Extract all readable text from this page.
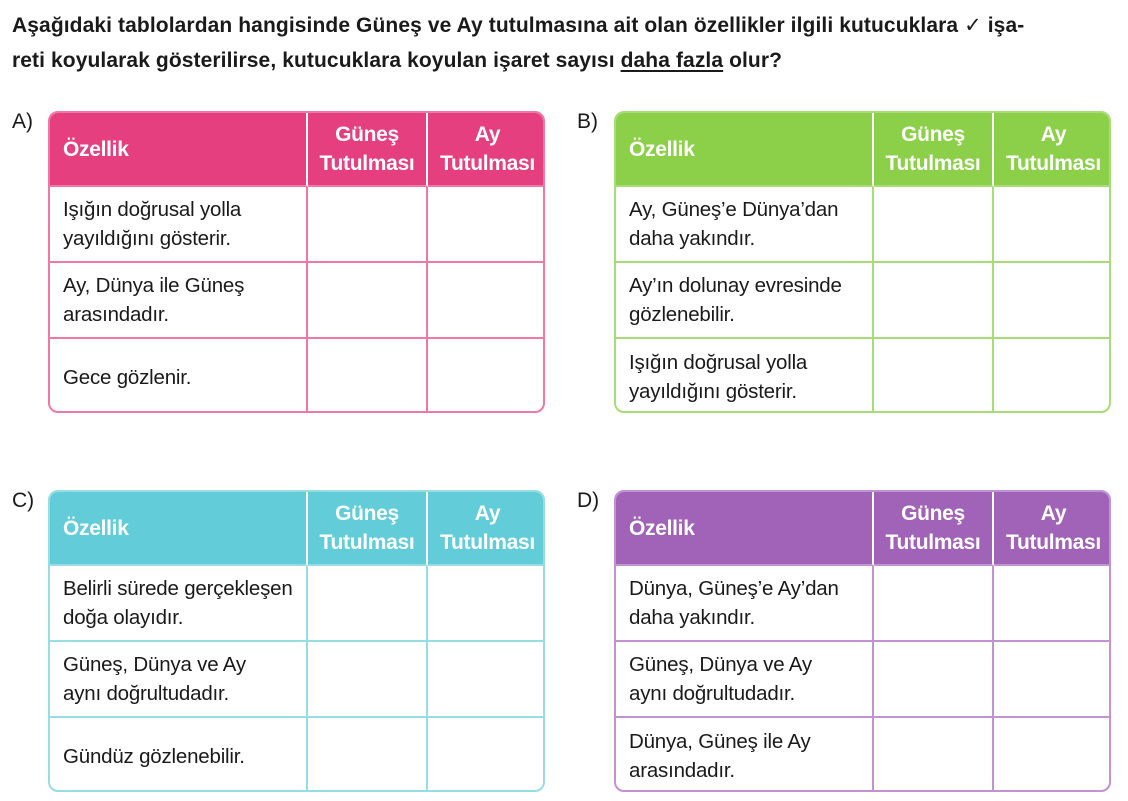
Aşağıdaki tablolardan hangisinde Güneş ve Ay tutulmasına ait olan özellikler ilgili kutucuklara ✓ işa-
reti koyularak gösterilirse, kutucuklara koyulan işaret sayısı daha fazla olur?
A)	B)
C)	D)
Özellik
Güneş
Tutulması
Ay
Tutulması
Işığın doğrusal yolla
yayıldığını gösterir.
Ay, Dünya ile Güneş
arasındadır.
Gece gözlenir.
Özellik
Güneş
Tutulması
Ay
Tutulması
Ay, Güneş’e Dünya’dan
daha yakındır.
Ay’ın dolunay evresinde
gözlenebilir.
Işığın doğrusal yolla
yayıldığını gösterir.
Özellik
Güneş
Tutulması
Ay
Tutulması
Belirli sürede gerçekleşen
doğa olayıdır.
Güneş, Dünya ve Ay
aynı doğrultudadır.
Gündüz gözlenebilir.
Özellik
Güneş
Tutulması
Ay
Tutulması
Dünya, Güneş’e Ay’dan
daha yakındır.
Güneş, Dünya ve Ay
aynı doğrultudadır.
Dünya, Güneş ile Ay
arasındadır.
